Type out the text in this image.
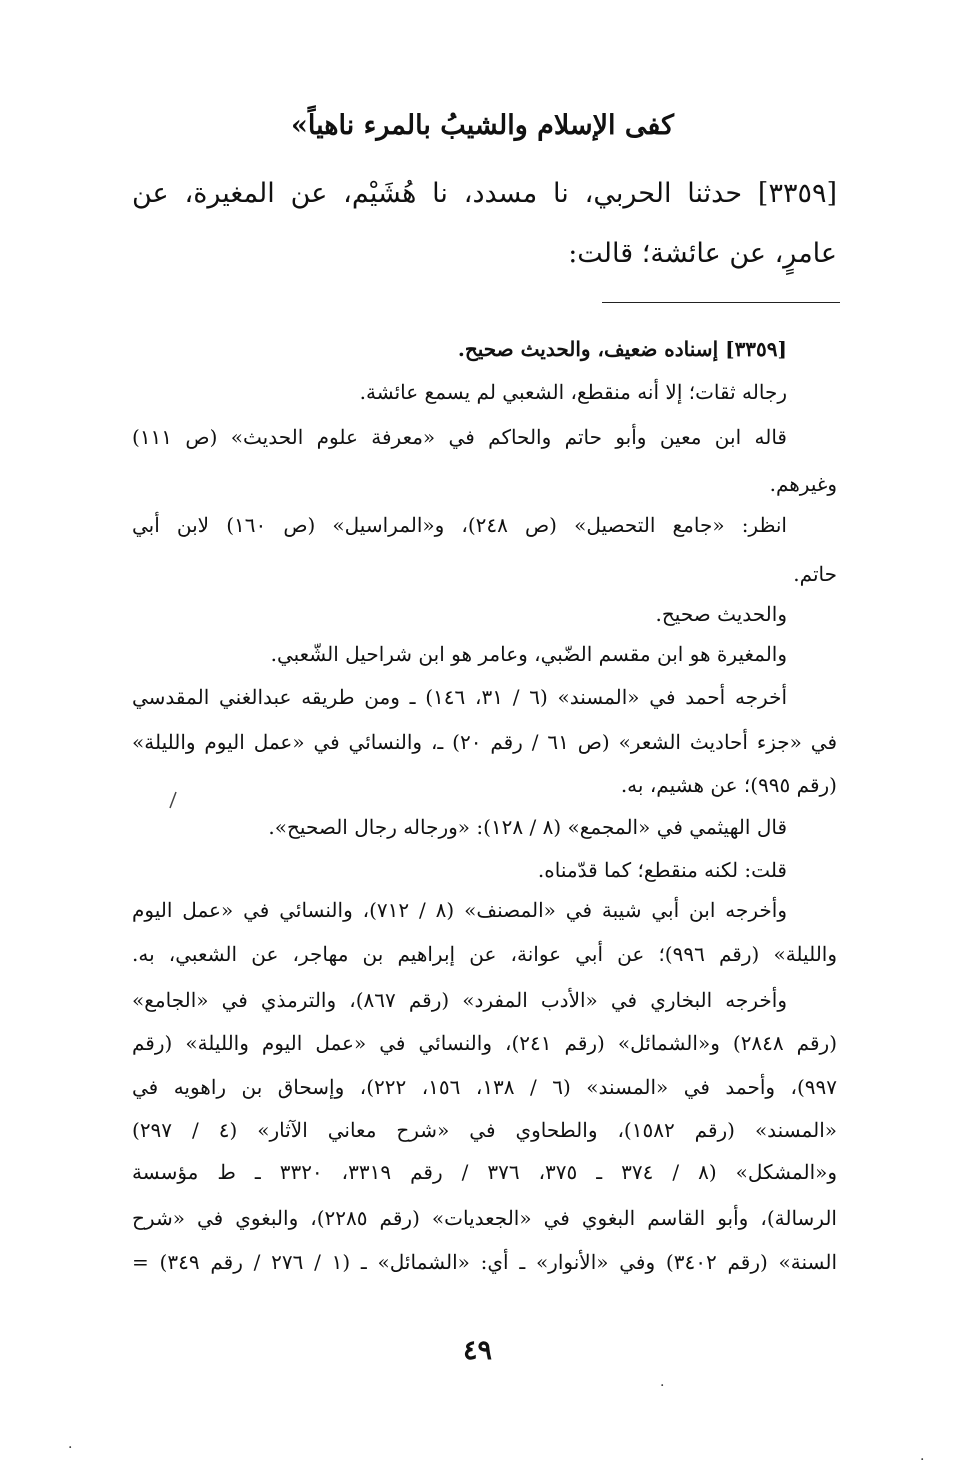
كفى الإسلام والشيبُ بالمرء ناهياً»
[٣٣٥٩] حدثنا الحربي، نا مسدد، نا هُشَيْم، عن المغيرة، عن
عامرٍ، عن عائشة؛ قالت:
[٣٣٥٩] إسناده ضعيف، والحديث صحيح.
رجاله ثقات؛ إلا أنه منقطع، الشعبي لم يسمع عائشة.
قاله ابن معين وأبو حاتم والحاكم في «معرفة علوم الحديث» (ص ١١١)
وغيرهم.
انظر: «جامع التحصيل» (ص ٢٤٨)، و«المراسيل» (ص ١٦٠) لابن أبي
حاتم.
والحديث صحيح.
والمغيرة هو ابن مقسم الضّبي، وعامر هو ابن شراحيل الشّعبي.
أخرجه أحمد في «المسند» (٦ / ٣١، ١٤٦) ـ ومن طريقه عبدالغني المقدسي
في «جزء أحاديث الشعر» (ص ٦١ / رقم ٢٠) ـ، والنسائي في «عمل اليوم والليلة»
(رقم ٩٩٥)؛ عن هشيم، به.
قال الهيثمي في «المجمع» (٨ / ١٢٨): «ورجاله رجال الصحيح».
قلت: لكنه منقطع؛ كما قدّمناه.
وأخرجه ابن أبي شيبة في «المصنف» (٨ / ٧١٢)، والنسائي في «عمل اليوم
والليلة» (رقم ٩٩٦)؛ عن أبي عوانة، عن إبراهيم بن مهاجر، عن الشعبي، به.
وأخرجه البخاري في «الأدب المفرد» (رقم ٨٦٧)، والترمذي في «الجامع»
(رقم ٢٨٤٨) و«الشمائل» (رقم ٢٤١)، والنسائي في «عمل اليوم والليلة» (رقم
٩٩٧)، وأحمد في «المسند» (٦ / ١٣٨، ١٥٦، ٢٢٢)، وإسحاق بن راهويه في
«المسند» (رقم ١٥٨٢)، والطحاوي في «شرح معاني الآثار» (٤ / ٢٩٧)
و«المشكل» (٨ / ٣٧٤ ـ ٣٧٥، ٣٧٦ / رقم ٣٣١٩، ٣٣٢٠ ـ ط مؤسسة
الرسالة)، وأبو القاسم البغوي في «الجعديات» (رقم ٢٢٨٥)، والبغوي في «شرح
السنة» (رقم ٣٤٠٢) وفي «الأنوار» ـ أي: «الشمائل» ـ (١ / ٢٧٦ / رقم ٣٤٩) =
٤٩
·
·
·
